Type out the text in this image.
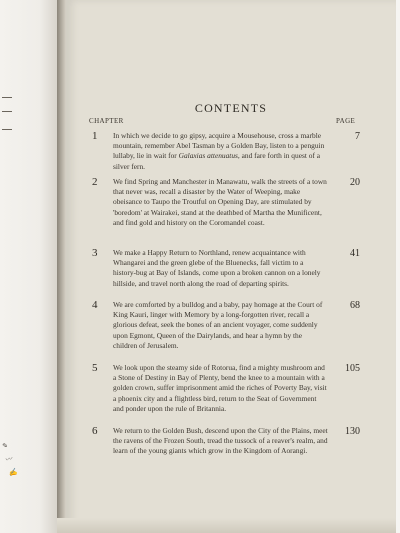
✎
〰
✍
CONTENTS
CHAPTER	PAGE
1 In which we decide to go gipsy, acquire a Mousehouse, cross a marble mountain, remember Abel Tasman by a Golden Bay, listen to a penguin lullaby, lie in wait for Galaxias attenuatus, and fare forth in quest of a silver fern.
7
2 We find Spring and Manchester in Manawatu, walk the streets of a town that never was, recall a disaster by the Water of Weeping, make obeisance to Taupo the Troutful on Opening Day, are stimulated by 'boredom' at Wairakei, stand at the deathbed of Martha the Munificent, and find gold and history on the Coromandel coast.
20
3 We make a Happy Return to Northland, renew acquaintance with Whangarei and the green glebe of the Bluenecks, fall victim to a history-bug at Bay of Islands, come upon a broken cannon on a lonely hillside, and travel north along the road of departing spirits.
41
4 We are comforted by a bulldog and a baby, pay homage at the Court of King Kauri, linger with Memory by a long-forgotten river, recall a glorious defeat, seek the bones of an ancient voyager, come suddenly upon Egmont, Queen of the Dairylands, and hear a hymn by the children of Jerusalem.
68
5 We look upon the steamy side of Rotorua, find a mighty mushroom and a Stone of Destiny in Bay of Plenty, bend the knee to a mountain with a golden crown, suffer imprisonment amid the riches of Poverty Bay, visit a phoenix city and a flightless bird, return to the Seat of Government and ponder upon the rule of Britannia.
105
6 We return to the Golden Bush, descend upon the City of the Plains, meet the ravens of the Frozen South, tread the tussock of a reaver's realm, and learn of the young giants which grow in the Kingdom of Aorangi.
130
